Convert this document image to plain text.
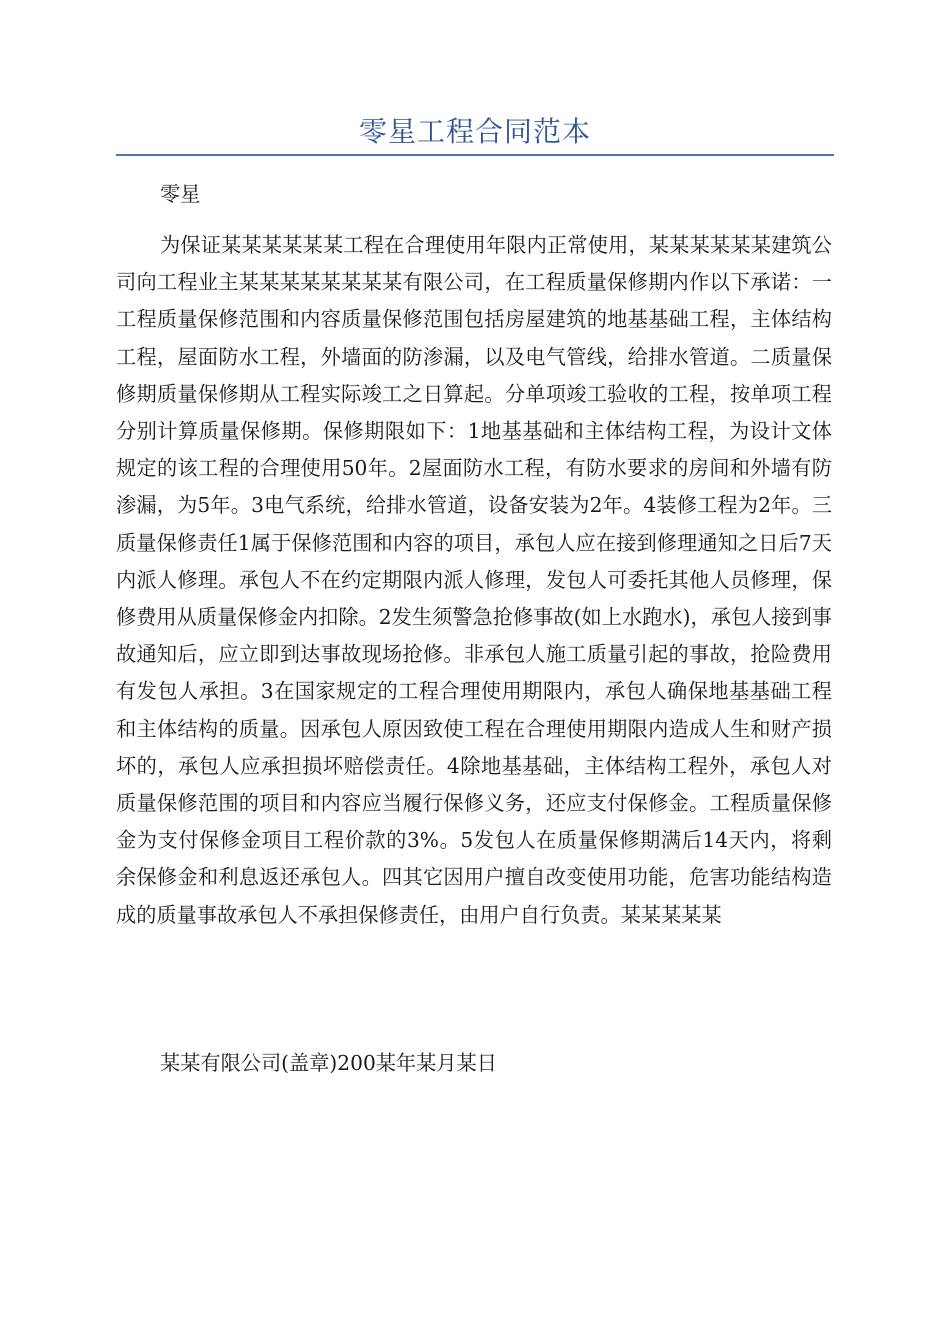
零星工程合同范本

零星

为保证某某某某某某工程在合理使用年限内正常使用，某某某某某某建筑公司向工程业主某某某某某某某某有限公司，在工程质量保修期内作以下承诺：一工程质量保修范围和内容质量保修范围包括房屋建筑的地基基础工程，主体结构工程，屋面防水工程，外墙面的防渗漏，以及电气管线，给排水管道。二质量保修期质量保修期从工程实际竣工之日算起。分单项竣工验收的工程，按单项工程分别计算质量保修期。保修期限如下：1地基基础和主体结构工程，为设计文体规定的该工程的合理使用50年。2屋面防水工程，有防水要求的房间和外墙有防渗漏，为5年。3电气系统，给排水管道，设备安装为2年。4装修工程为2年。三质量保修责任1属于保修范围和内容的项目，承包人应在接到修理通知之日后7天内派人修理。承包人不在约定期限内派人修理，发包人可委托其他人员修理，保修费用从质量保修金内扣除。2发生须警急抢修事故(如上水跑水)，承包人接到事故通知后，应立即到达事故现场抢修。非承包人施工质量引起的事故，抢险费用有发包人承担。3在国家规定的工程合理使用期限内，承包人确保地基基础工程和主体结构的质量。因承包人原因致使工程在合理使用期限内造成人生和财产损坏的，承包人应承担损坏赔偿责任。4除地基基础，主体结构工程外，承包人对质量保修范围的项目和内容应当履行保修义务，还应支付保修金。工程质量保修金为支付保修金项目工程价款的3%。5发包人在质量保修期满后14天内，将剩余保修金和利息返还承包人。四其它因用户擅自改变使用功能，危害功能结构造成的质量事故承包人不承担保修责任，由用户自行负责。某某某某某

某某有限公司(盖章)200某年某月某日
